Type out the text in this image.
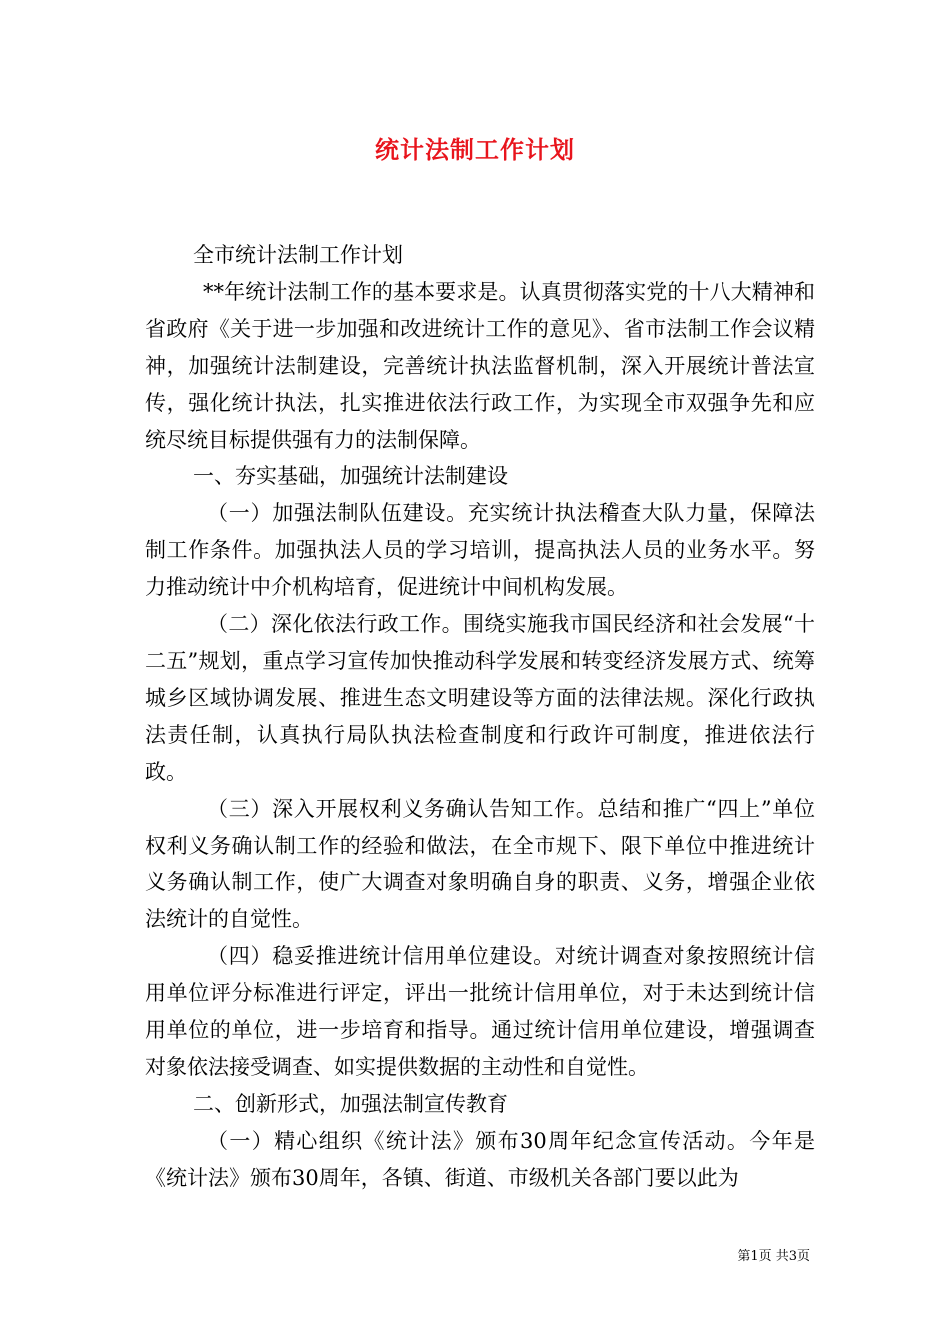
统计法制工作计划

全市统计法制工作计划

**年统计法制工作的基本要求是。认真贯彻落实党的十八大精神和省政府《关于进一步加强和改进统计工作的意见》、省市法制工作会议精神，加强统计法制建设，完善统计执法监督机制，深入开展统计普法宣传，强化统计执法，扎实推进依法行政工作，为实现全市双强争先和应统尽统目标提供强有力的法制保障。

一、夯实基础，加强统计法制建设

（一）加强法制队伍建设。充实统计执法稽查大队力量，保障法制工作条件。加强执法人员的学习培训，提高执法人员的业务水平。努力推动统计中介机构培育，促进统计中间机构发展。

（二）深化依法行政工作。围绕实施我市国民经济和社会发展“十二五”规划，重点学习宣传加快推动科学发展和转变经济发展方式、统筹城乡区域协调发展、推进生态文明建设等方面的法律法规。深化行政执法责任制，认真执行局队执法检查制度和行政许可制度，推进依法行政。

（三）深入开展权利义务确认告知工作。总结和推广“四上”单位权利义务确认制工作的经验和做法，在全市规下、限下单位中推进统计义务确认制工作，使广大调查对象明确自身的职责、义务，增强企业依法统计的自觉性。

（四）稳妥推进统计信用单位建设。对统计调查对象按照统计信用单位评分标准进行评定，评出一批统计信用单位，对于未达到统计信用单位的单位，进一步培育和指导。通过统计信用单位建设，增强调查对象依法接受调查、如实提供数据的主动性和自觉性。

二、创新形式，加强法制宣传教育

（一）精心组织《统计法》颁布30周年纪念宣传活动。今年是《统计法》颁布30周年，各镇、街道、市级机关各部门要以此为

第1页 共3页
